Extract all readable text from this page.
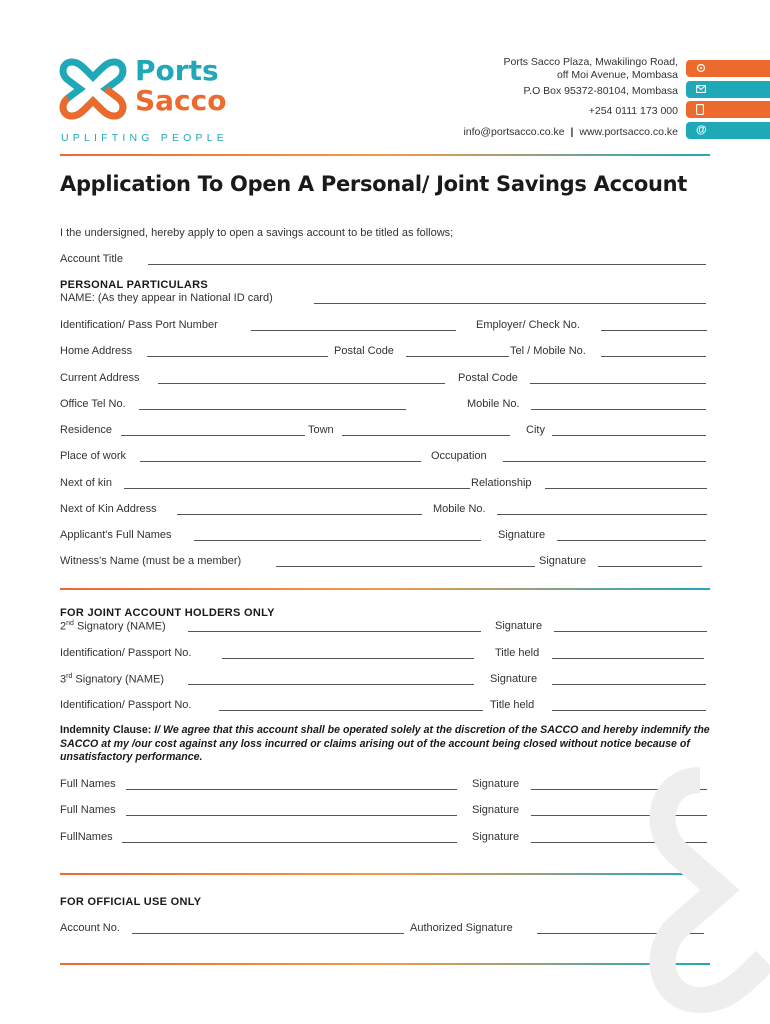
Ports
Sacco
UPLIFTING PEOPLE
Ports Sacco Plaza, Mwakilingo Road,
off Moi Avenue, Mombasa
P.O Box 95372-80104, Mombasa
+254 0111 173 000
info@portsacco.co.ke | www.portsacco.co.ke	@
Application To Open A Personal/ Joint Savings Account
I the undersigned, hereby apply to open a savings account to be titled as follows;
Account Title
PERSONAL PARTICULARS
NAME: (As they appear in National ID card)
Identification/ Pass Port Number	Employer/ Check No.
Home Address	Postal Code	Tel / Mobile No.
Current Address	Postal Code
Office Tel No.	Mobile No.
Residence	Town	City
Place of work	Occupation
Next of kin	Relationship
Next of Kin Address	Mobile No.
Applicant's Full Names	Signature
Witness's Name (must be a member)	Signature
FOR JOINT ACCOUNT HOLDERS ONLY
2nd Signatory (NAME)	Signature
Identification/ Passport No.	Title held
3rd Signatory (NAME)	Signature
Identification/ Passport No.	Title held
Indemnity Clause: I/ We agree that this account shall be operated solely at the discretion of the SACCO and hereby indemnify the SACCO at my /our cost against any loss incurred or claims arising out of the account being closed without notice because of unsatisfactory performance.
Full Names	Signature
Full Names	Signature
FullNames	Signature
FOR OFFICIAL USE ONLY
Account No.	Authorized Signature
